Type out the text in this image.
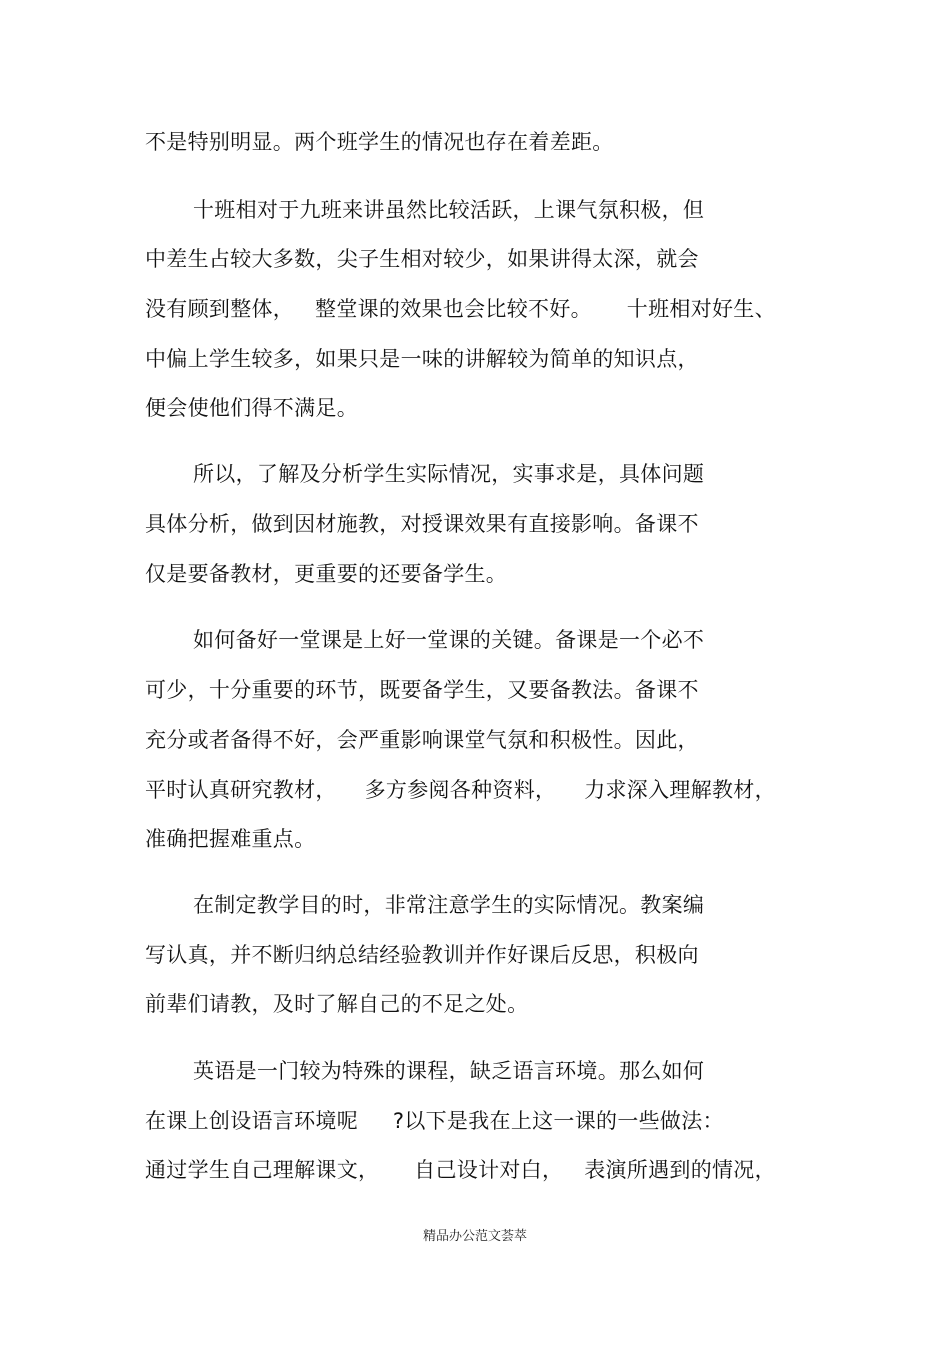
不是特别明显。两个班学生的情况也存在着差距。
十班相对于九班来讲虽然比较活跃，上课气氛积极，但
中差生占较大多数，尖子生相对较少，如果讲得太深，就会
没有顾到整体，   整堂课的效果也会比较不好。     十班相对好生、
中偏上学生较多，如果只是一味的讲解较为简单的知识点，
便会使他们得不满足。
所以，了解及分析学生实际情况，实事求是，具体问题
具体分析，做到因材施教，对授课效果有直接影响。备课不
仅是要备教材，更重要的还要备学生。
如何备好一堂课是上好一堂课的关键。备课是一个必不
可少，十分重要的环节，既要备学生，又要备教法。备课不
充分或者备得不好，会严重影响课堂气氛和积极性。因此，
平时认真研究教材，    多方参阅各种资料，    力求深入理解教材，
准确把握难重点。
在制定教学目的时，非常注意学生的实际情况。教案编
写认真，并不断归纳总结经验教训并作好课后反思，积极向
前辈们请教，及时了解自己的不足之处。
英语是一门较为特殊的课程，缺乏语言环境。那么如何
在课上创设语言环境呢     ?以下是我在上这一课的一些做法：
通过学生自己理解课文，     自己设计对白，   表演所遇到的情况，
精品办公范文荟萃
